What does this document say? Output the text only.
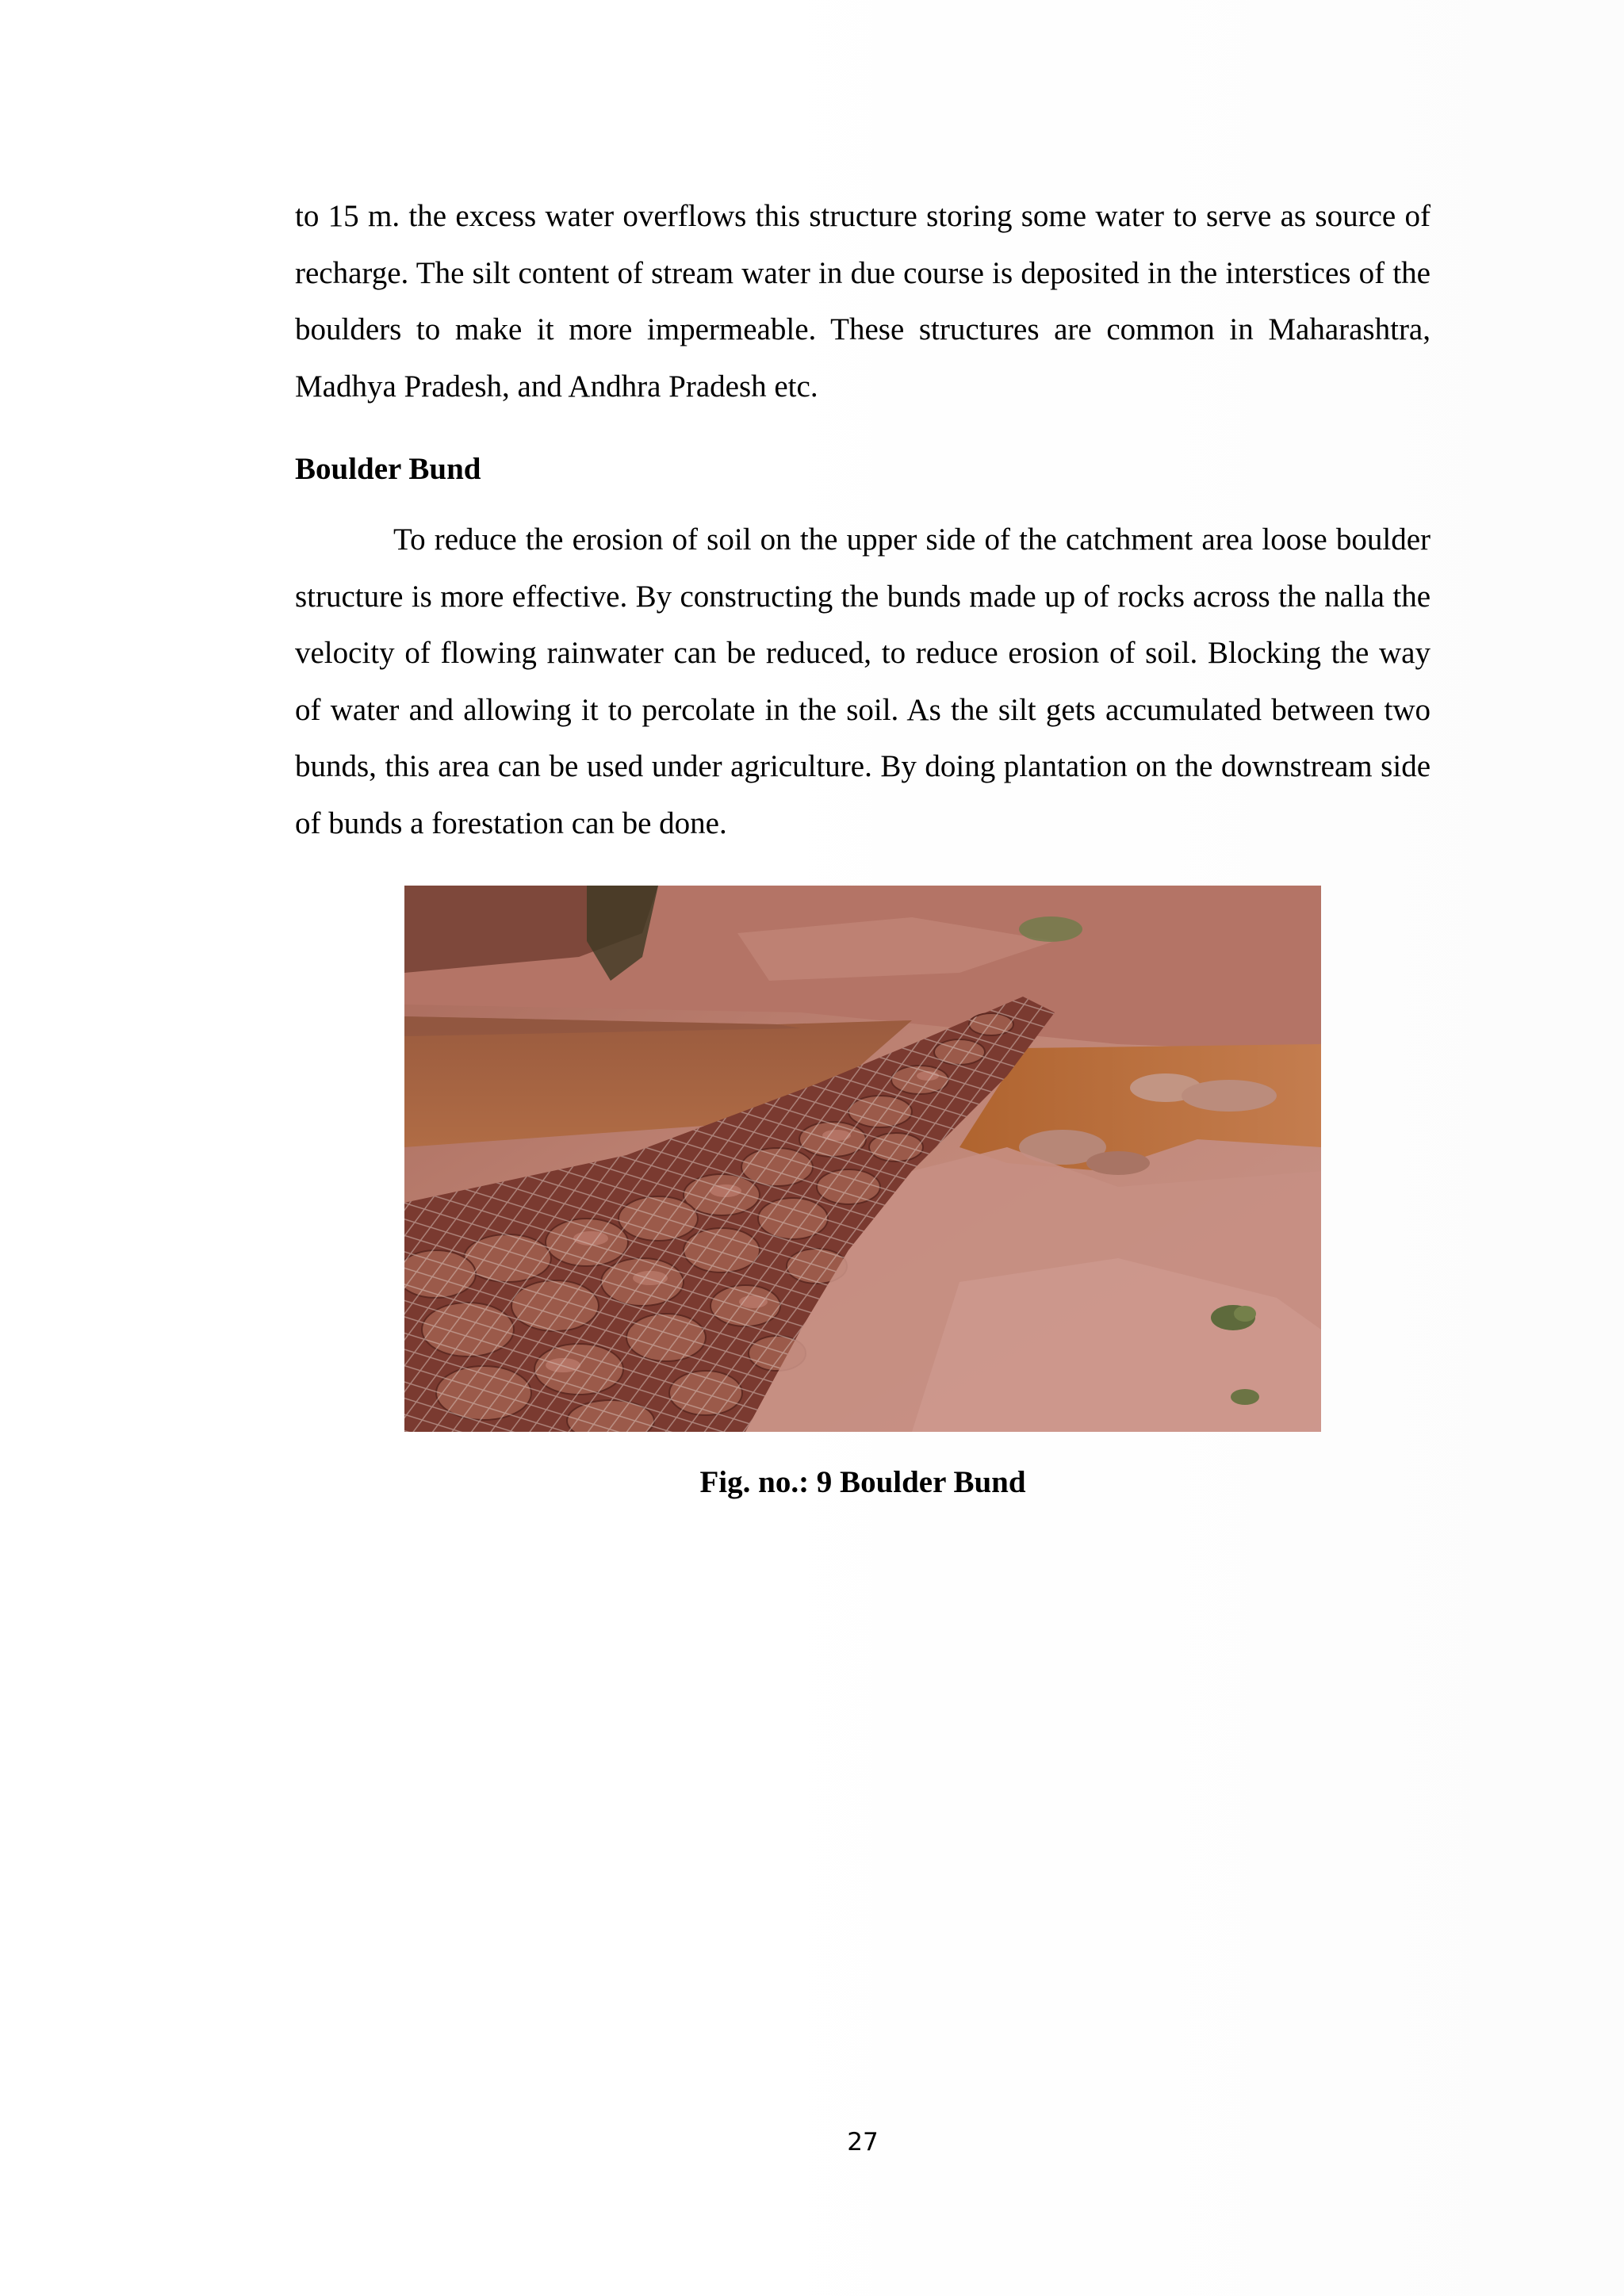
to 15 m. the excess water overflows this structure storing some water to serve as source of recharge. The silt content of stream water in due course is deposited in the interstices of the boulders to make it more impermeable. These structures are common in Maharashtra, Madhya Pradesh, and Andhra Pradesh etc.

Boulder Bund

To reduce the erosion of soil on the upper side of the catchment area loose boulder structure is more effective. By constructing the bunds made up of rocks across the nalla the velocity of flowing rainwater can be reduced, to reduce erosion of soil. Blocking the way of water and allowing it to percolate in the soil. As the silt gets accumulated between two bunds, this area can be used under agriculture. By doing plantation on the downstream side of bunds a forestation can be done.

Fig. no.: 9 Boulder Bund
27
